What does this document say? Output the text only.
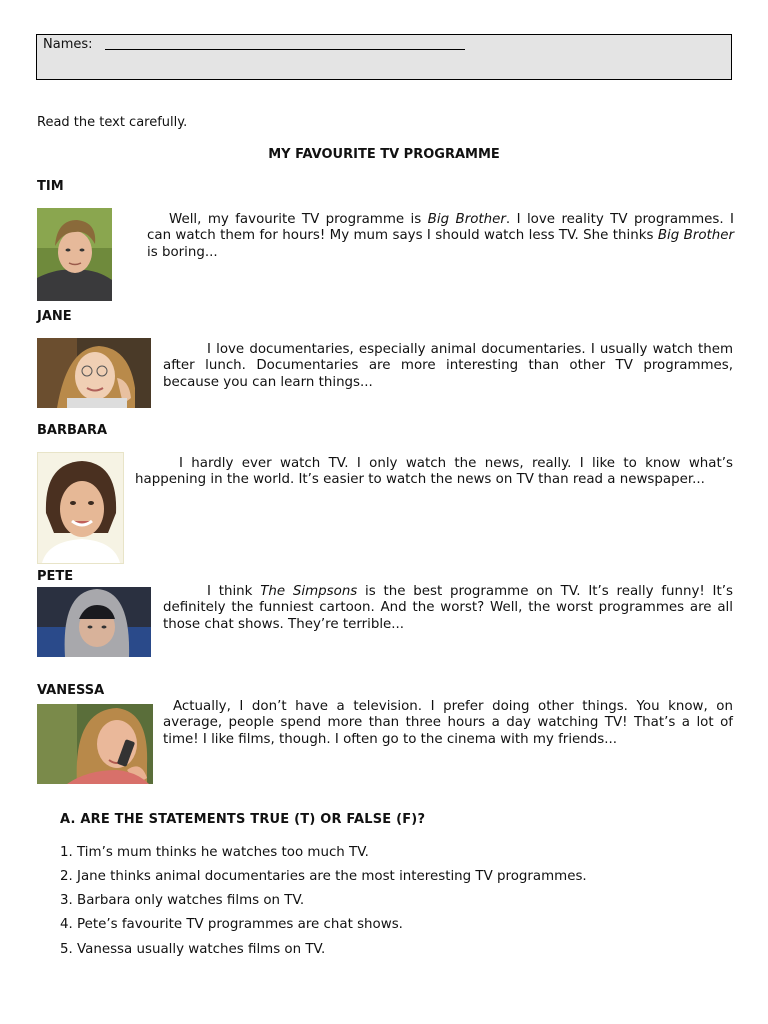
Names:
Read the text carefully.
MY FAVOURITE TV PROGRAMME
TIM
Well, my favourite TV programme is Big Brother. I love reality TV programmes. I can watch them for hours! My mum says I should watch less TV. She thinks Big Brother is boring...
JANE
I love documentaries, especially animal documentaries. I usually watch them after lunch. Documentaries are more interesting than other TV programmes, because you can learn things...
BARBARA
I hardly ever watch TV. I only watch the news, really. I like to know what’s happening in the world. It’s easier to watch the news on TV than read a newspaper...
PETE
I think The Simpsons is the best programme on TV. It’s really funny! It’s definitely the funniest cartoon. And the worst? Well, the worst programmes are all those chat shows. They’re terrible...
VANESSA
Actually, I don’t have a television. I prefer doing other things. You know, on average, people spend more than three hours a day watching TV! That’s a lot of time! I like films, though. I often go to the cinema with my friends...
A. ARE THE STATEMENTS TRUE (T) OR FALSE (F)?
1. Tim’s mum thinks he watches too much TV.
2. Jane thinks animal documentaries are the most interesting TV programmes.
3. Barbara only watches films on TV.
4. Pete’s favourite TV programmes are chat shows.
5. Vanessa usually watches films on TV.
